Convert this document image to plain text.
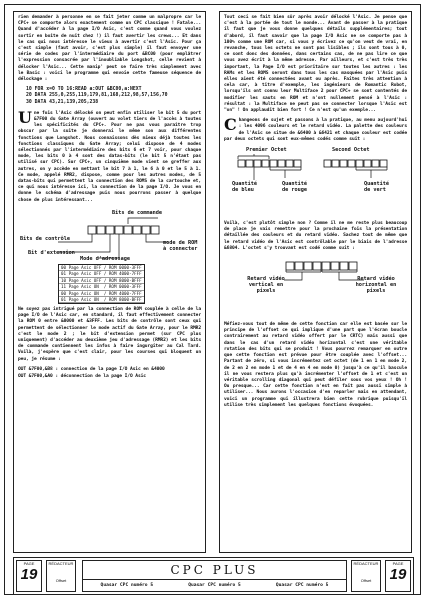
rien demander à personne en se fait jeter comme un malpropre car le CPC+ se comporte alors exactement comme un CPC classique ! Fatale... Quand d'accéder à la page I/O Asic, c'est comme quand vous voulez sortir en boîte de nuit chez !) il faut avertir les crews... Et dans le cas qui nous intéresse le vieux à avertir c'est l'Asic. Pour ça c'est simple (faut avoir, c'est plus simple) il faut envoyer une série de codes par l'intermédiaire du port &BC00 (pour emplâtrer l'expression consacrée par l'inoubliable Longshot, celle revient à délocker l'Asic... Cette manip' peut se faire très simplement avec le Basic : voici le programme qui envoie cette fameuse séquence de délockage :

10 FOR x=0 TO 16:READ a:OUT &BC00,a:NEXT
20 DATA 255,0,255,119,179,81,168,212,98,57,156,70
30 DATA 43,21,139,205,238

Une fois l'Asic délocké on peut enfin utiliser le bit 5 du port &7F00 du Gate Array (ouvert au volet tiers de l'accès à toutes les spécificités du CPC+. Pour ne pas vous paraître trop obscur par la suite je donnerai le même son aux différentes fonctions que Longshot. Nous connaissons dès mieux déjà toutes les fonctions classiques du Gate Array; celui dispose de 4 modes sélectionnés par l'intermédiaire des bits 6 et 7 voir, pour chaque mode, les bits 0 à 4 sont des datas-bits (le bit 5 n'étant pas utilisé sur CPC). Sur CPC+, un cinquième mode vient se greffer aux autres, on y accède en mettant le bit 7 à 1, le 6 à 0 et le 5 à 1. Ce mode, appelé RMR2, dispose, comme pour les autres modes, de 5 datas-bits qui permettent la connection des ROMS de la cartouche et, ce qui nous intéresse ici, la connection de la page I/O. Je vous en donne le schéma d'adressage puis nous pourrons passer à quelque chose de plus intéressant...

Bits de contrôle
Bits de commande
Bit d'extension
mode de ROM à connecter
Mode d'adressage
00 Page Asic OFF / ROM 0000-3FFF
01 Page Asic OFF / ROM 4000-7FFF
10 Page Asic OFF / ROM 8000-BFFF
11 Page Asic ON  / ROM 0000-3FFF
00 Page Asic ON  / ROM 4000-7FFF
01 Page Asic ON  / ROM 8000-BFFF

Ne soyez pas intrigué par la connection de ROM couplée à celle de la page I/O de l'Asic car, en standard, il faut effectivement connecter la ROM 0 entre &0000 et &3FFF. Les bits de contrôle sont ceux qui permettent de sélectionner le mode actif du Gate Array, pour le RMR2 c'est le mode 2 ; le bit d'extension permet (sur CPC plus uniquement) d'accéder au deuxième jeu d'adressage (RMR2) et les bits de commande contiennent les infos à faire ingurgiter au Cal Tard. Voilà, j'espère que c'est clair, pour les courses qui bloquent un peu, je résume :

OUT &7F00,&B8 : connection de la page I/O Asic en &4000

OUT &7F00,&A0 : déconnection de la page I/O Asic

Tout ceci se fait bien sûr après avoir délocké l'Asic. Je pense que c'est à la portée de tout le monde... Avant de passer à la pratique il faut que je vous donne quelques détails supplémentaires; tout d'abord, il faut savoir que la page I/O Asic ne se comporte pas à 100% comme une ROM car, si vous y écrivez ce qu'on veut de vrai, en revanche, tous les octets ne sont pas lisibles ; ils sont tous à 0, ce sont donc des données, dans certains cas, de ne pas lire ce que vous avez écrit à la même adresse. Par ailleurs, et c'est très très important, la Page I/O est prioritaire sur toutes les autres : les RAMs et les ROMS seront dans tous les cas masquées par l'Asic puis elles aient été connectées avant ou après. Faites très attention à cela car, à titre d'exemple, les ingénieurs de Romantic Robot, lorsqu'ils ont connu leur Multiface 2 pour CPC+ se sont contentés de modifier les sauts en ROM et n'ont nullement pensé à l'Asic : résultat : la Multiface ne peut pas se connecter lorsque l'Asic est "on" ! On applaudit bien fort ! Ce n'est qu'un exemple...

Changeons de sujet et passons à la pratique, au menu aujourd'hui : les 4096 couleurs et le retard vidéo. La palette des couleurs de l'Asic se situe de &6400 à &6421 et chaque couleur est codée par deux octets qui sont eux-mêmes codés comme suit :

Premier Octet	Second Octet
Quantité de bleu
Quantité de rouge
Quantité de vert

Voilà, c'est plutôt simple non ? Comme il ne me reste plus beaucoup de place je vais remettre pour la prochaine fois la présentation détaillée des couleurs et du retard vidéo. Sachez tout de même que le retard vidéo de l'Asic est contrôlable par le biais de l'adresse &6804. L'octet s'y trouvant est codé comme suit :

Retard vidéo vertical en pixels
Retard vidéo horizontal en pixels

Méfiez-vous tout de même de cette fonction car elle est basée sur le principe de l'offset ce qui implique d'une part que l'écran boucle contrairement au retard vidéo offert par le CRTC) mais aussi que dans le cas d'un retard vidéo horizontal c'est une véritable rotation des bits qui se produit ! Vous pourrez remarquer en outre que cette fonction est prévue pour être couplée avec l'offset... Partant de zéro, si vous incrémentez cet octet (de 1 en 1 en mode 2, de 2 en 2 en mode 1 et de 4 en 4 en mode 0) jusqu'à ce qu'il bascule il ne vous restera plus qu'à incrémenter l'offset de 1 et c'est un véritable scrolling diagonal qui peut défiler sous vos yeux ! Oh ! Ou presque... Car cette fonction n'est en fait pas aussi simple à utiliser... Nous aurons l'occasion d'en reparler mais en attendant, voici un programme qui illustrera bien cette rubrique puisqu'il utilise très simplement les quelques fonctions évoquées.

PAGE
19
RÉDACTEUR
Offset
CPC PLUS
Quasar CPC numéro 5	Quasar CPC numéro 5	Quasar CPC numéro 5
RÉDACTEUR
Offset
PAGE
19
